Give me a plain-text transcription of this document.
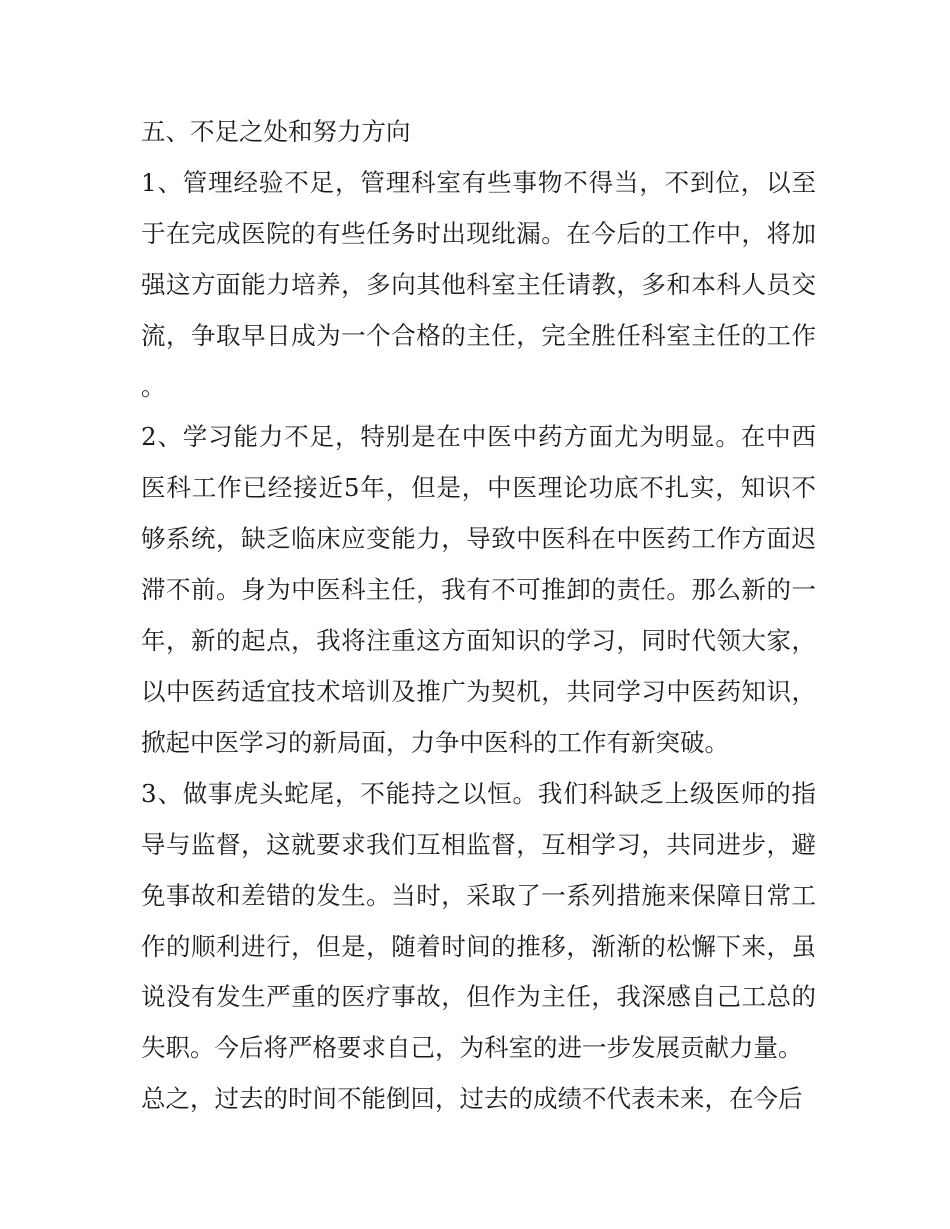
五、不足之处和努力方向

1、管理经验不足，管理科室有些事物不得当，不到位，以至于在完成医院的有些任务时出现纰漏。在今后的工作中，将加强这方面能力培养，多向其他科室主任请教，多和本科人员交流，争取早日成为一个合格的主任，完全胜任科室主任的工作。

2、学习能力不足，特别是在中医中药方面尤为明显。在中西医科工作已经接近5年，但是，中医理论功底不扎实，知识不够系统，缺乏临床应变能力，导致中医科在中医药工作方面迟滞不前。身为中医科主任，我有不可推卸的责任。那么新的一年，新的起点，我将注重这方面知识的学习，同时代领大家，以中医药适宜技术培训及推广为契机，共同学习中医药知识，掀起中医学习的新局面，力争中医科的工作有新突破。

3、做事虎头蛇尾，不能持之以恒。我们科缺乏上级医师的指导与监督，这就要求我们互相监督，互相学习，共同进步，避免事故和差错的发生。当时，采取了一系列措施来保障日常工作的顺利进行，但是，随着时间的推移，渐渐的松懈下来，虽说没有发生严重的医疗事故，但作为主任，我深感自己工总的失职。今后将严格要求自己，为科室的进一步发展贡献力量。

总之，过去的时间不能倒回，过去的成绩不代表未来，在今后
